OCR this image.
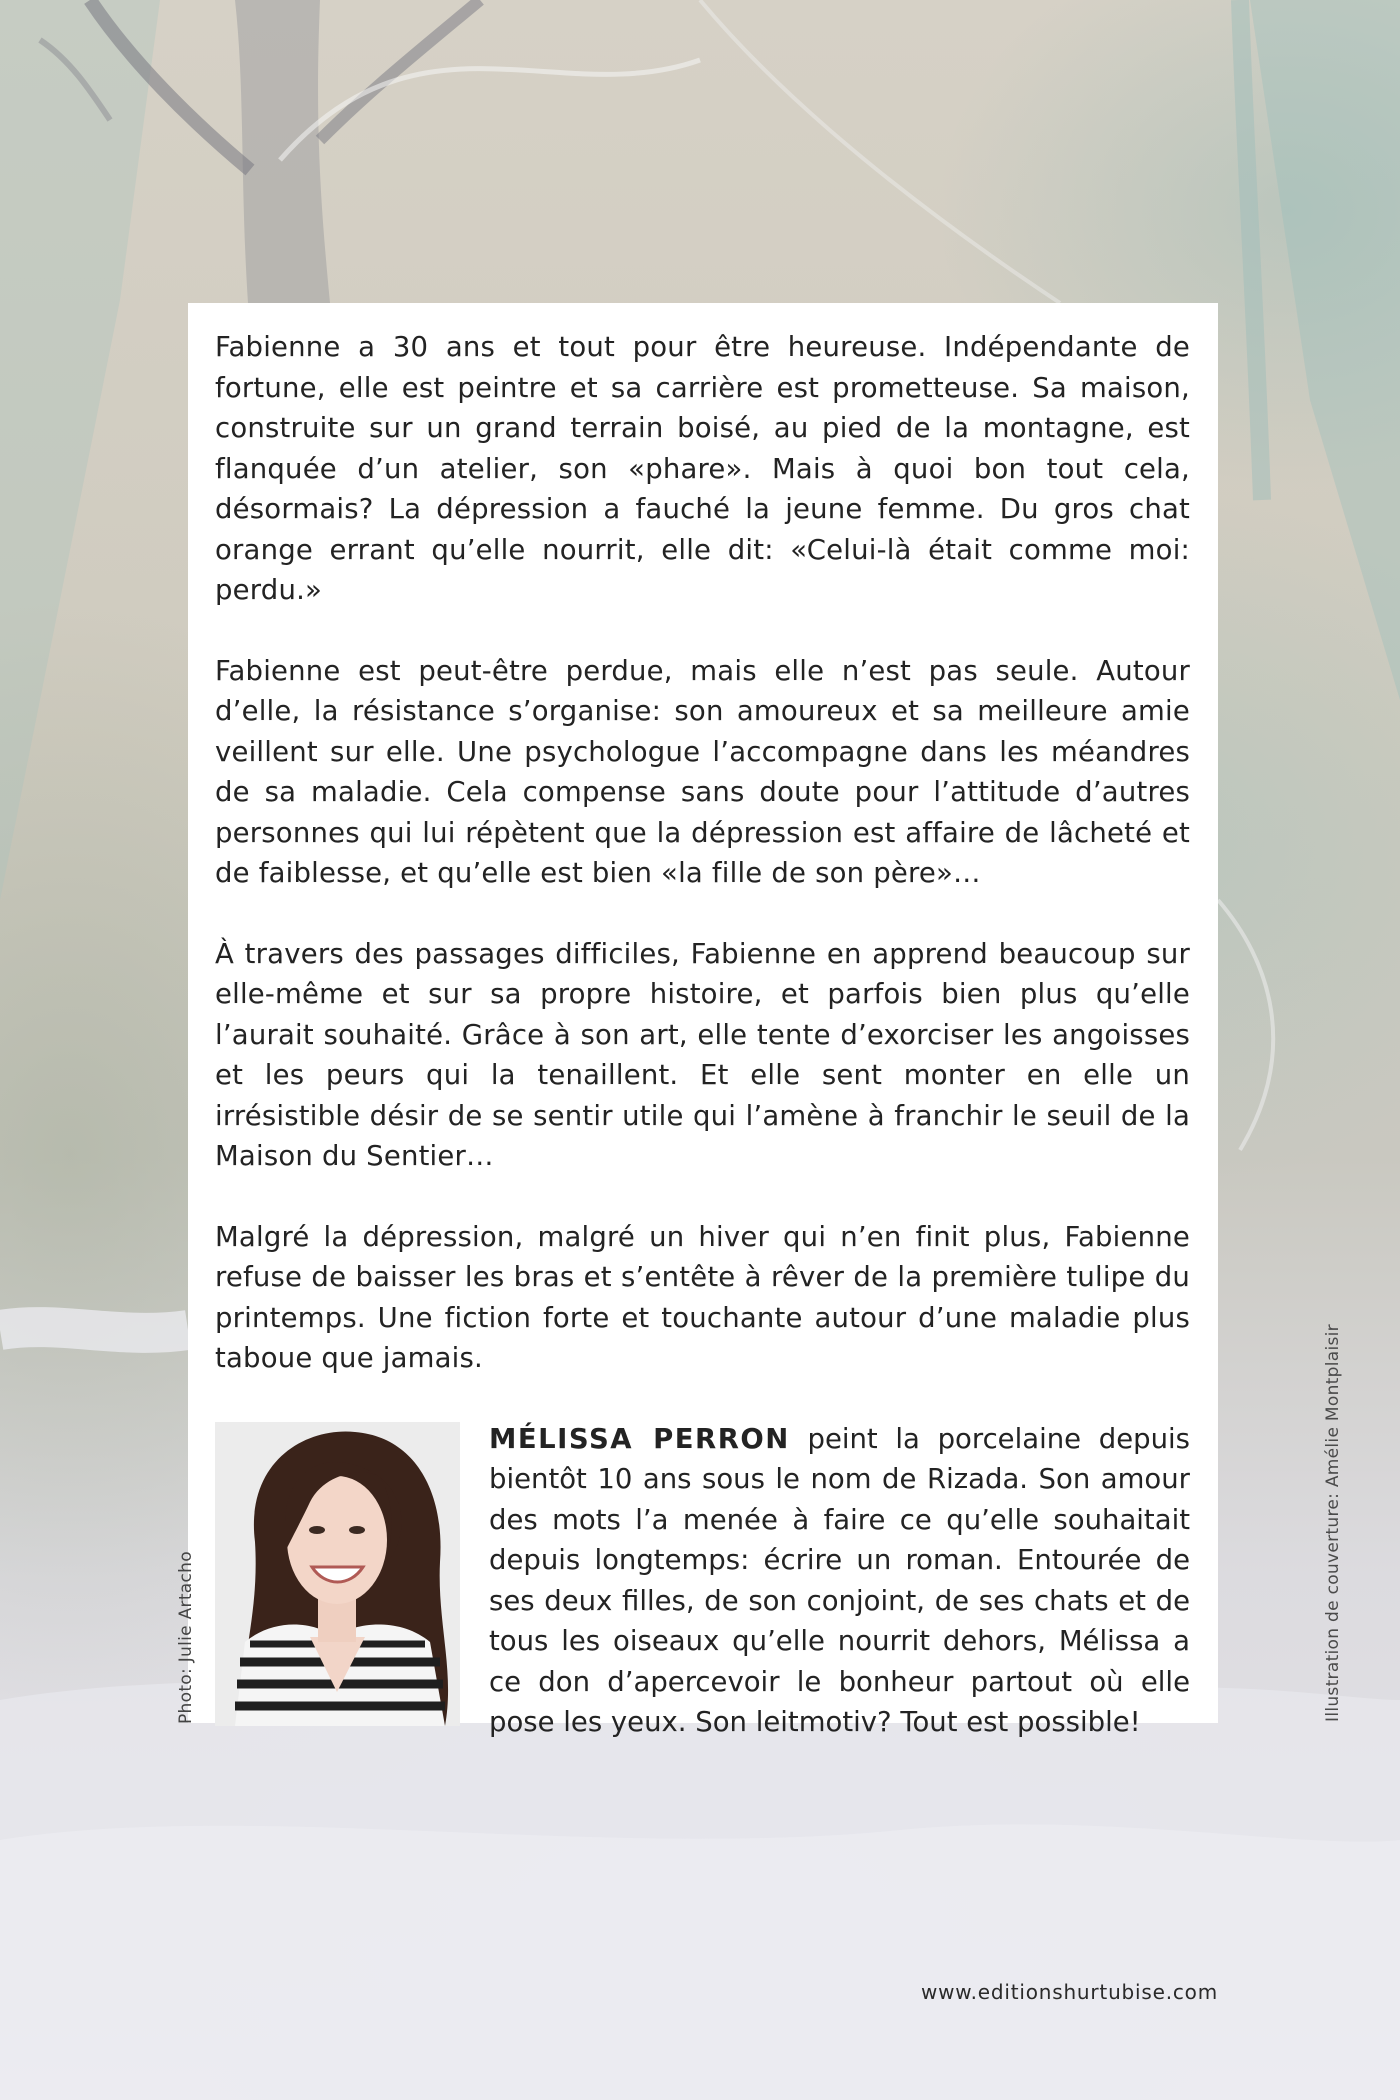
Fabienne a 30 ans et tout pour être heureuse. Indépendante de fortune, elle est peintre et sa carrière est prometteuse. Sa maison, construite sur un grand terrain boisé, au pied de la montagne, est flanquée d’un atelier, son «phare». Mais à quoi bon tout cela, désormais? La dépression a fauché la jeune femme. Du gros chat orange errant qu’elle nourrit, elle dit: «Celui-là était comme moi: perdu.»

Fabienne est peut-être perdue, mais elle n’est pas seule. Autour d’elle, la résistance s’organise: son amoureux et sa meilleure amie veillent sur elle. Une psychologue l’accompagne dans les méandres de sa maladie. Cela compense sans doute pour l’attitude d’autres personnes qui lui répètent que la dépression est affaire de lâcheté et de faiblesse, et qu’elle est bien «la fille de son père»…

À travers des passages difficiles, Fabienne en apprend beaucoup sur elle-même et sur sa propre histoire, et parfois bien plus qu’elle l’aurait souhaité. Grâce à son art, elle tente d’exorciser les angoisses et les peurs qui la tenaillent. Et elle sent monter en elle un irrésistible désir de se sentir utile qui l’amène à franchir le seuil de la Maison du Sentier…

Malgré la dépression, malgré un hiver qui n’en finit plus, Fabienne refuse de baisser les bras et s’entête à rêver de la première tulipe du printemps. Une fiction forte et touchante autour d’une maladie plus taboue que jamais.

Photo: Julie Artacho

MÉLISSA PERRON peint la porcelaine depuis bientôt 10 ans sous le nom de Rizada. Son amour des mots l’a menée à faire ce qu’elle souhaitait depuis longtemps: écrire un roman. Entourée de ses deux filles, de son conjoint, de ses chats et de tous les oiseaux qu’elle nourrit dehors, Mélissa a ce don d’apercevoir le bonheur partout où elle pose les yeux. Son leitmotiv? Tout est possible!	Illustration de couverture: Amélie Montplaisir
www.editionshurtubise.com
